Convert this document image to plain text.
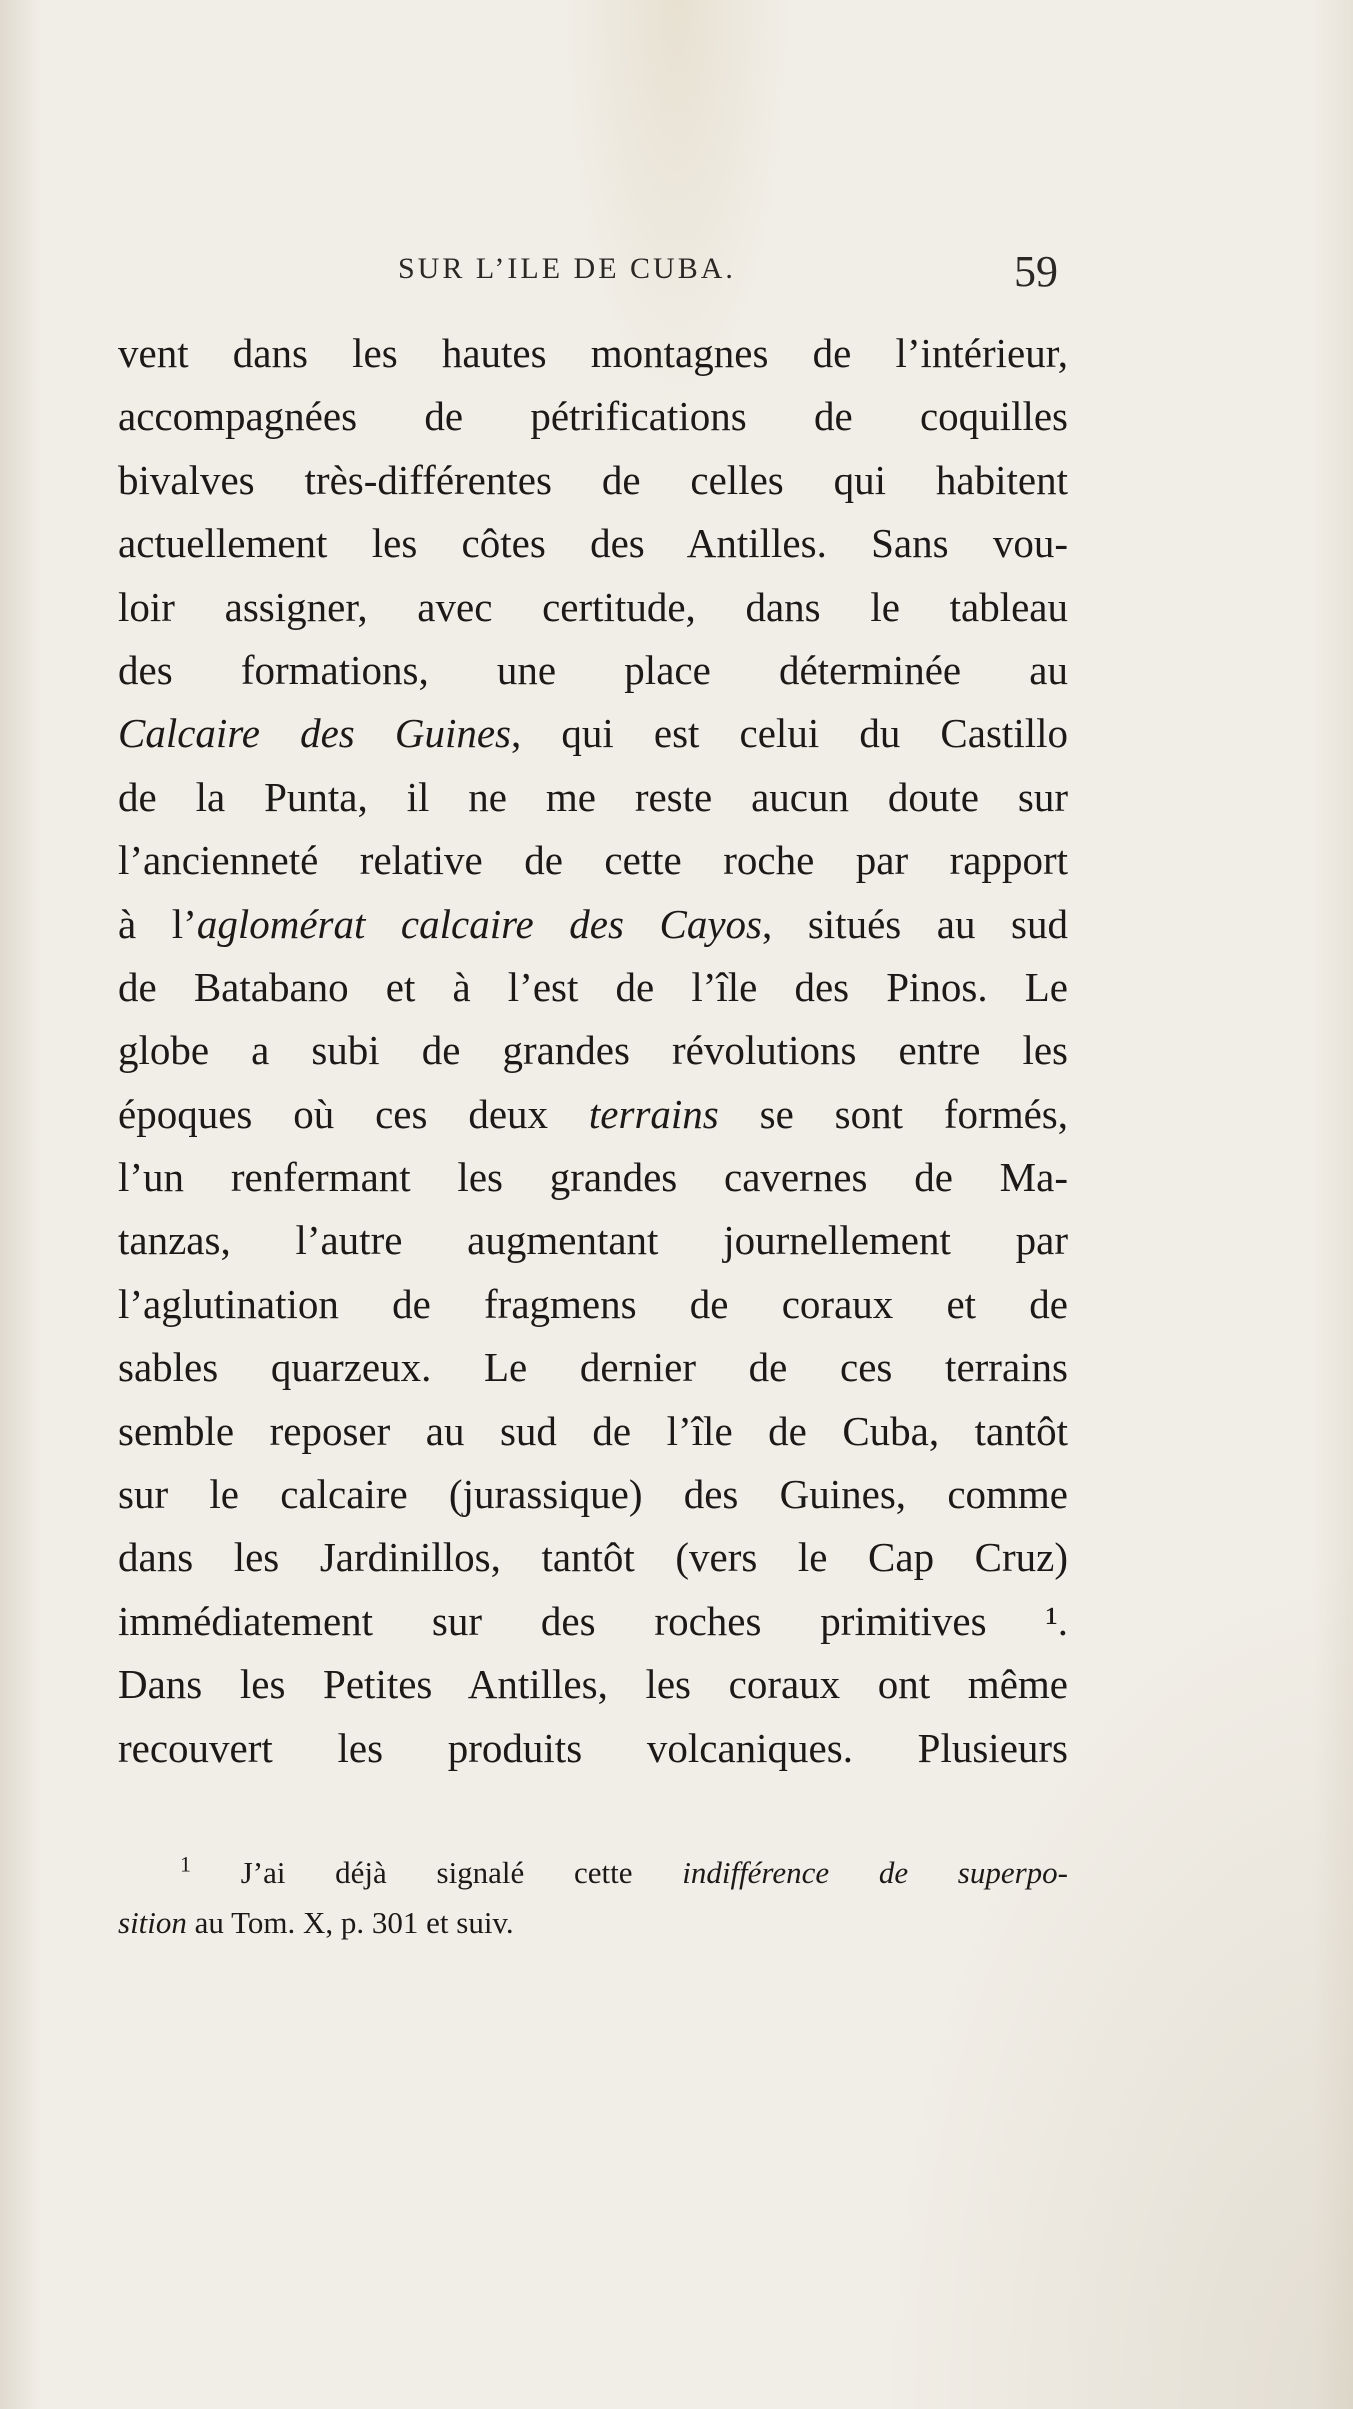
SUR L’ILE DE CUBA.	59
vent dans les hautes montagnes de l’intérieur,
accompagnées de pétrifications de coquilles
bivalves très-différentes de celles qui habitent
actuellement les côtes des Antilles. Sans vou-
loir assigner, avec certitude, dans le tableau
des formations, une place déterminée au
Calcaire des Guines, qui est celui du Castillo
de la Punta, il ne me reste aucun doute sur
l’ancienneté relative de cette roche par rapport
à l’aglomérat calcaire des Cayos, situés au sud
de Batabano et à l’est de l’île des Pinos. Le
globe a subi de grandes révolutions entre les
époques où ces deux terrains se sont formés,
l’un renfermant les grandes cavernes de Ma-
tanzas, l’autre augmentant journellement par
l’aglutination de fragmens de coraux et de
sables quarzeux. Le dernier de ces terrains
semble reposer au sud de l’île de Cuba, tantôt
sur le calcaire (jurassique) des Guines, comme
dans les Jardinillos, tantôt (vers le Cap Cruz)
immédiatement sur des roches primitives ¹.
Dans les Petites Antilles, les coraux ont même
recouvert les produits volcaniques. Plusieurs
$^1$ J’ai déjà signalé cette indifférence de superpo-
sition au Tom. X, p. 301 et suiv.
